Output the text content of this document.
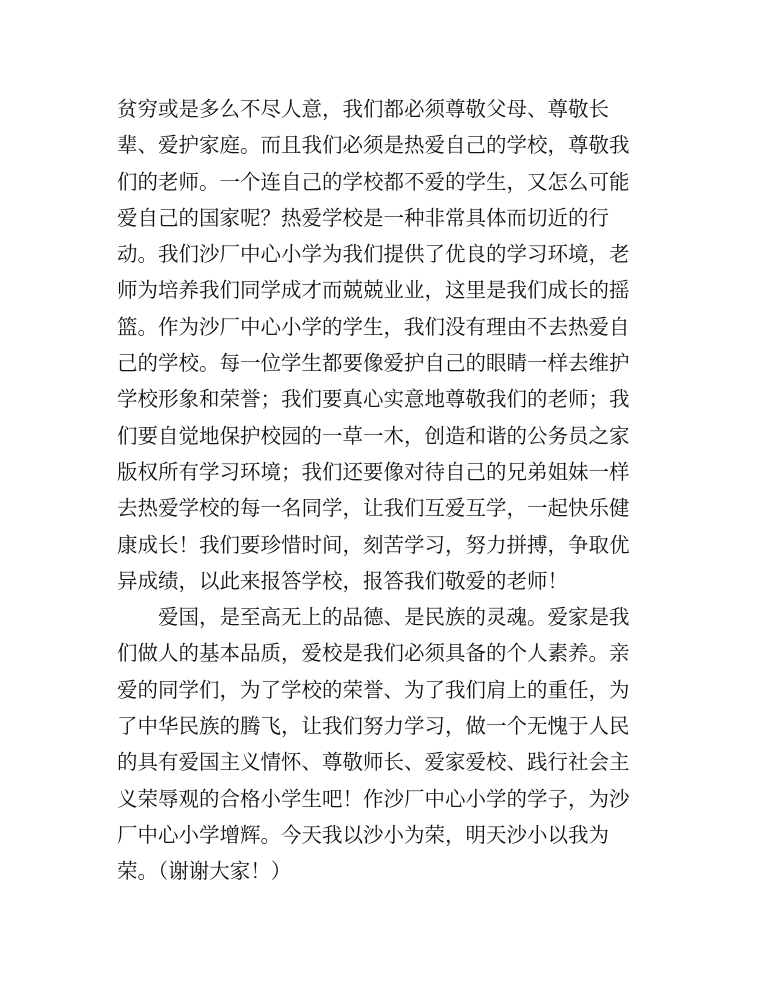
贫穷或是多么不尽人意，我们都必须尊敬父母、尊敬长
辈、爱护家庭。而且我们必须是热爱自己的学校，尊敬我
们的老师。一个连自己的学校都不爱的学生，又怎么可能
爱自己的国家呢？热爱学校是一种非常具体而切近的行
动。我们沙厂中心小学为我们提供了优良的学习环境，老
师为培养我们同学成才而兢兢业业，这里是我们成长的摇
篮。作为沙厂中心小学的学生，我们没有理由不去热爱自
己的学校。每一位学生都要像爱护自己的眼睛一样去维护
学校形象和荣誉；我们要真心实意地尊敬我们的老师；我
们要自觉地保护校园的一草一木，创造和谐的公务员之家
版权所有学习环境；我们还要像对待自己的兄弟姐妹一样
去热爱学校的每一名同学，让我们互爱互学，一起快乐健
康成长！我们要珍惜时间，刻苦学习，努力拼搏，争取优
异成绩，以此来报答学校，报答我们敬爱的老师！
爱国，是至高无上的品德、是民族的灵魂。爱家是我
们做人的基本品质，爱校是我们必须具备的个人素养。亲
爱的同学们，为了学校的荣誉、为了我们肩上的重任，为
了中华民族的腾飞，让我们努力学习，做一个无愧于人民
的具有爱国主义情怀、尊敬师长、爱家爱校、践行社会主
义荣辱观的合格小学生吧！作沙厂中心小学的学子，为沙
厂中心小学增辉。今天我以沙小为荣，明天沙小以我为
荣。（谢谢大家！）
